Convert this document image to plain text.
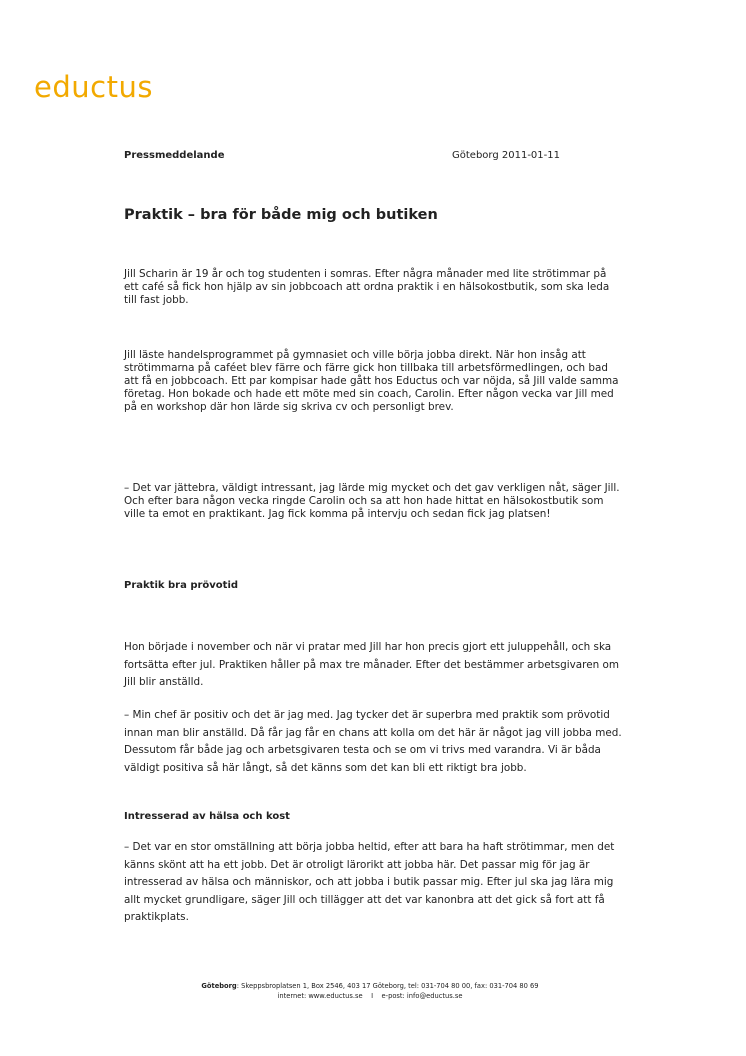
eductus
Pressmeddelande	Göteborg 2011-01-11
Praktik – bra för både mig och butiken

Jill Scharin är 19 år och tog studenten i somras. Efter några månader med lite strötimmar på ett café så fick hon hjälp av sin jobbcoach att ordna praktik i en hälsokostbutik, som ska leda till fast jobb.

Jill läste handelsprogrammet på gymnasiet och ville börja jobba direkt. När hon insåg att strötimmarna på caféet blev färre och färre gick hon tillbaka till arbetsförmedlingen, och bad att få en jobbcoach. Ett par kompisar hade gått hos Eductus och var nöjda, så Jill valde samma företag. Hon bokade och hade ett möte med sin coach, Carolin. Efter någon vecka var Jill med på en workshop där hon lärde sig skriva cv och personligt brev.

– Det var jättebra, väldigt intressant, jag lärde mig mycket och det gav verkligen nåt, säger Jill. Och efter bara någon vecka ringde Carolin och sa att hon hade hittat en hälsokostbutik som ville ta emot en praktikant. Jag fick komma på intervju och sedan fick jag platsen!

Praktik bra prövotid

Hon började i november och när vi pratar med Jill har hon precis gjort ett juluppehåll, och ska fortsätta efter jul. Praktiken håller på max tre månader. Efter det bestämmer arbetsgivaren om Jill blir anställd.

– Min chef är positiv och det är jag med. Jag tycker det är superbra med praktik som prövotid innan man blir anställd. Då får jag får en chans att kolla om det här är något jag vill jobba med. Dessutom får både jag och arbetsgivaren testa och se om vi trivs med varandra. Vi är båda väldigt positiva så här långt, så det känns som det kan bli ett riktigt bra jobb.

Intresserad av hälsa och kost

– Det var en stor omställning att börja jobba heltid, efter att bara ha haft strötimmar, men det känns skönt att ha ett jobb. Det är otroligt lärorikt att jobba här. Det passar mig för jag är intresserad av hälsa och människor, och att jobba i butik passar mig. Efter jul ska jag lära mig allt mycket grundligare, säger Jill och tillägger att det var kanonbra att det gick så fort att få praktikplats.

Göteborg: Skeppsbroplatsen 1, Box 2546, 403 17 Göteborg, tel: 031-704 80 00, fax: 031-704 80 69
internet: www.eductus.se    I    e-post: info@eductus.se
